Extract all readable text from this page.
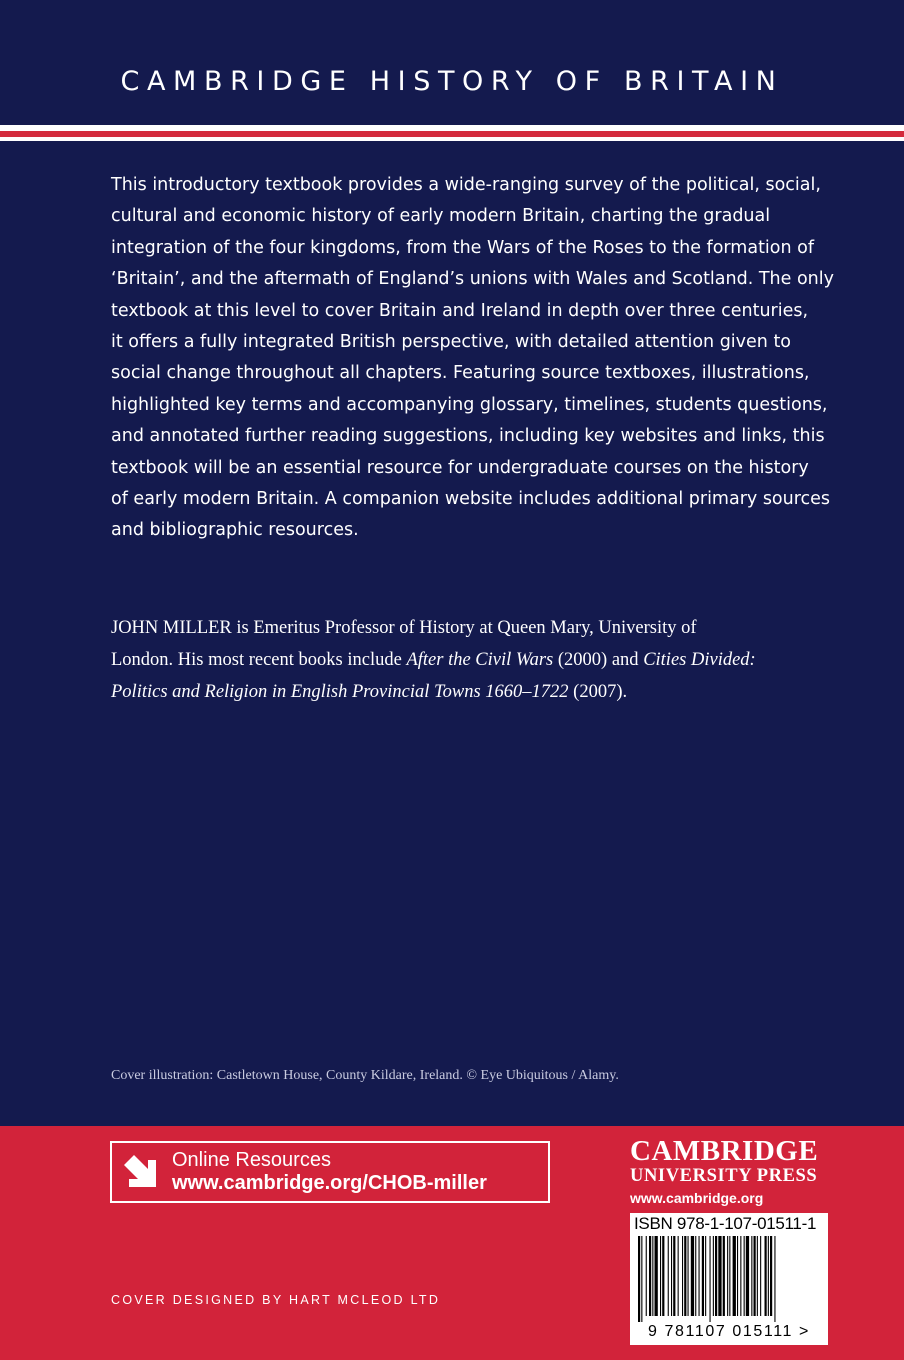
CAMBRIDGE HISTORY OF BRITAIN
This introductory textbook provides a wide-ranging survey of the political, social,
cultural and economic history of early modern Britain, charting the gradual
integration of the four kingdoms, from the Wars of the Roses to the formation of
‘Britain’, and the aftermath of England’s unions with Wales and Scotland. The only
textbook at this level to cover Britain and Ireland in depth over three centuries,
it offers a fully integrated British perspective, with detailed attention given to
social change throughout all chapters. Featuring source textboxes, illustrations,
highlighted key terms and accompanying glossary, timelines, students questions,
and annotated further reading suggestions, including key websites and links, this
textbook will be an essential resource for undergraduate courses on the history
of early modern Britain. A companion website includes additional primary sources
and bibliographic resources.
JOHN MILLER is Emeritus Professor of History at Queen Mary, University of
London. His most recent books include After the Civil Wars (2000) and Cities Divided:
Politics and Religion in English Provincial Towns 1660–1722 (2007).
Cover illustration: Castletown House, County Kildare, Ireland. © Eye Ubiquitous / Alamy.
Online Resources
www.cambridge.org/CHOB-miller
CAMBRIDGE
UNIVERSITY PRESS
www.cambridge.org
ISBN 978-1-107-01511-1
9 781107 015111 >
COVER DESIGNED BY HART MCLEOD LTD
